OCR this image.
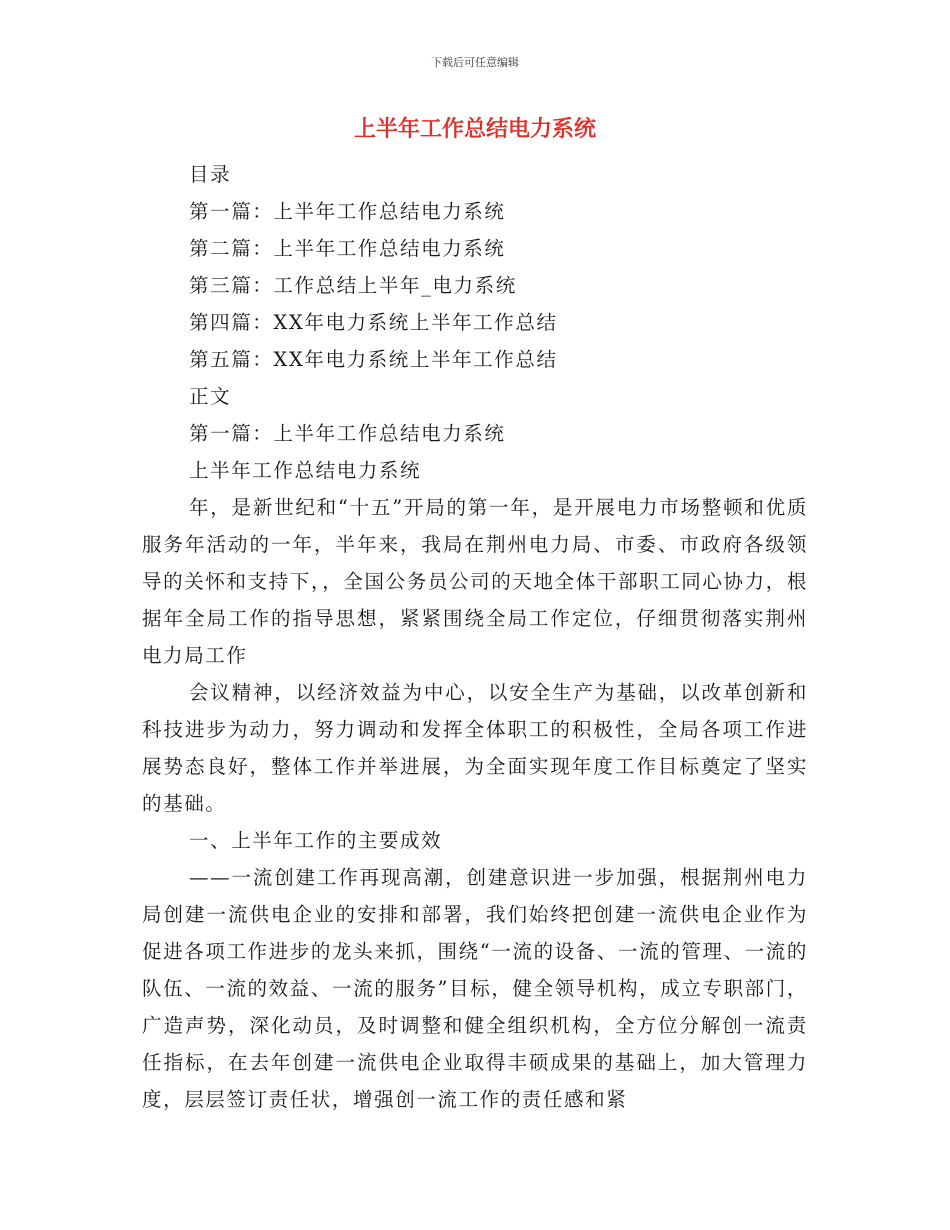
下载后可任意编辑
上半年工作总结电力系统
目录
第一篇：上半年工作总结电力系统
第二篇：上半年工作总结电力系统
第三篇：工作总结上半年_电力系统
第四篇：XX年电力系统上半年工作总结
第五篇：XX年电力系统上半年工作总结
正文
第一篇：上半年工作总结电力系统
上半年工作总结电力系统

年，是新世纪和“十五”开局的第一年，是开展电力市场整顿和优质服务年活动的一年，半年来，我局在荆州电力局、市委、市政府各级领导的关怀和支持下，，全国公务员公司的天地全体干部职工同心协力，根据年全局工作的指导思想，紧紧围绕全局工作定位，仔细贯彻落实荆州电力局工作

会议精神，以经济效益为中心，以安全生产为基础，以改革创新和科技进步为动力，努力调动和发挥全体职工的积极性，全局各项工作进展势态良好，整体工作并举进展，为全面实现年度工作目标奠定了坚实的基础。

一、上半年工作的主要成效

——一流创建工作再现高潮，创建意识进一步加强，根据荆州电力局创建一流供电企业的安排和部署，我们始终把创建一流供电企业作为促进各项工作进步的龙头来抓，围绕“一流的设备、一流的管理、一流的队伍、一流的效益、一流的服务”目标，健全领导机构，成立专职部门，广造声势，深化动员，及时调整和健全组织机构，全方位分解创一流责任指标，在去年创建一流供电企业取得丰硕成果的基础上，加大管理力度，层层签订责任状，增强创一流工作的责任感和紧
